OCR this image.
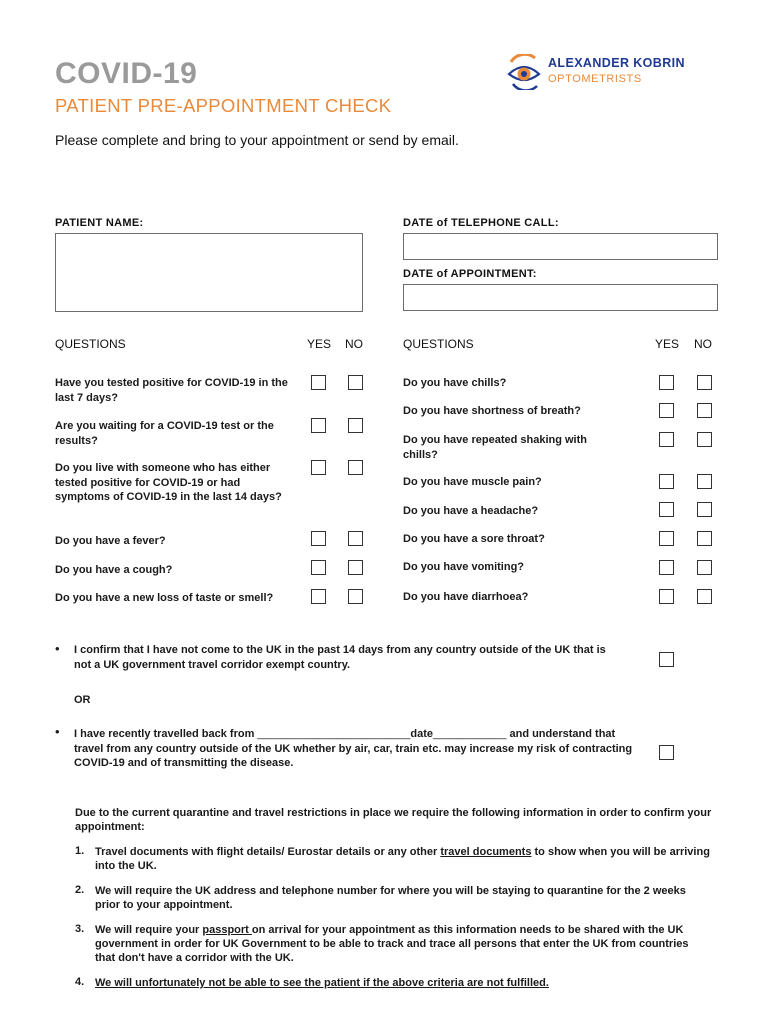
COVID-19
PATIENT PRE-APPOINTMENT CHECK
Please complete and bring to your appointment or send by email.
ALEXANDER KOBRIN
OPTOMETRISTS
PATIENT NAME:	DATE of TELEPHONE CALL:
DATE of APPOINTMENT:
QUESTIONS	YES NO	QUESTIONS	YES NO
Have you tested positive for COVID-19 in the last 7 days?
Are you waiting for a COVID-19 test or the results?
Do you live with someone who has either tested positive for COVID-19 or had symptoms of COVID-19 in the last 14 days?
Do you have a fever?
Do you have a cough?
Do you have a new loss of taste or smell?
Do you have chills?
Do you have shortness of breath?
Do you have repeated shaking with chills?
Do you have muscle pain?
Do you have a headache?
Do you have a sore throat?
Do you have vomiting?
Do you have diarrhoea?
• I confirm that I have not come to the UK in the past 14 days from any country outside of the UK that is not a UK government travel corridor exempt country.
OR
• I have recently travelled back from _________________________date____________ and understand that travel from any country outside of the UK whether by air, car, train etc. may increase my risk of contracting COVID-19 and of transmitting the disease.
Due to the current quarantine and travel restrictions in place we require the following information in order to confirm your appointment:
1. Travel documents with flight details/ Eurostar details or any other travel documents to show when you will be arriving into the UK.
2. We will require the UK address and telephone number for where you will be staying to quarantine for the 2 weeks prior to your appointment.
3. We will require your passport on arrival for your appointment as this information needs to be shared with the UK government in order for UK Government to be able to track and trace all persons that enter the UK from countries that don't have a corridor with the UK.
4. We will unfortunately not be able to see the patient if the above criteria are not fulfilled.
